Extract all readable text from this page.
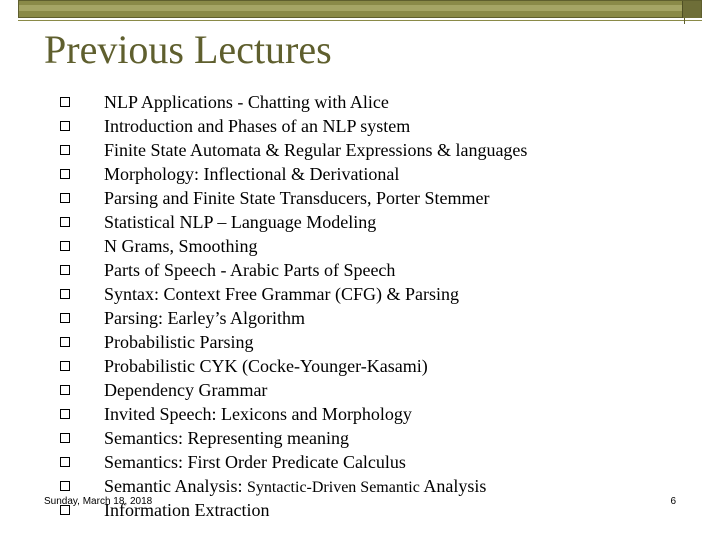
Previous Lectures
NLP Applications - Chatting with Alice
Introduction and Phases of an NLP system
Finite State Automata & Regular Expressions & languages
Morphology: Inflectional & Derivational
Parsing and Finite State Transducers, Porter Stemmer
Statistical NLP – Language Modeling
N Grams, Smoothing
Parts of Speech - Arabic Parts of Speech
Syntax: Context Free Grammar (CFG) & Parsing
Parsing: Earley’s Algorithm
Probabilistic Parsing
Probabilistic CYK (Cocke-Younger-Kasami)
Dependency Grammar
Invited Speech: Lexicons and Morphology
Semantics: Representing meaning
Semantics: First Order Predicate Calculus
Semantic Analysis: Syntactic-Driven Semantic Analysis
Information Extraction
Sunday, March 18, 2018	6
